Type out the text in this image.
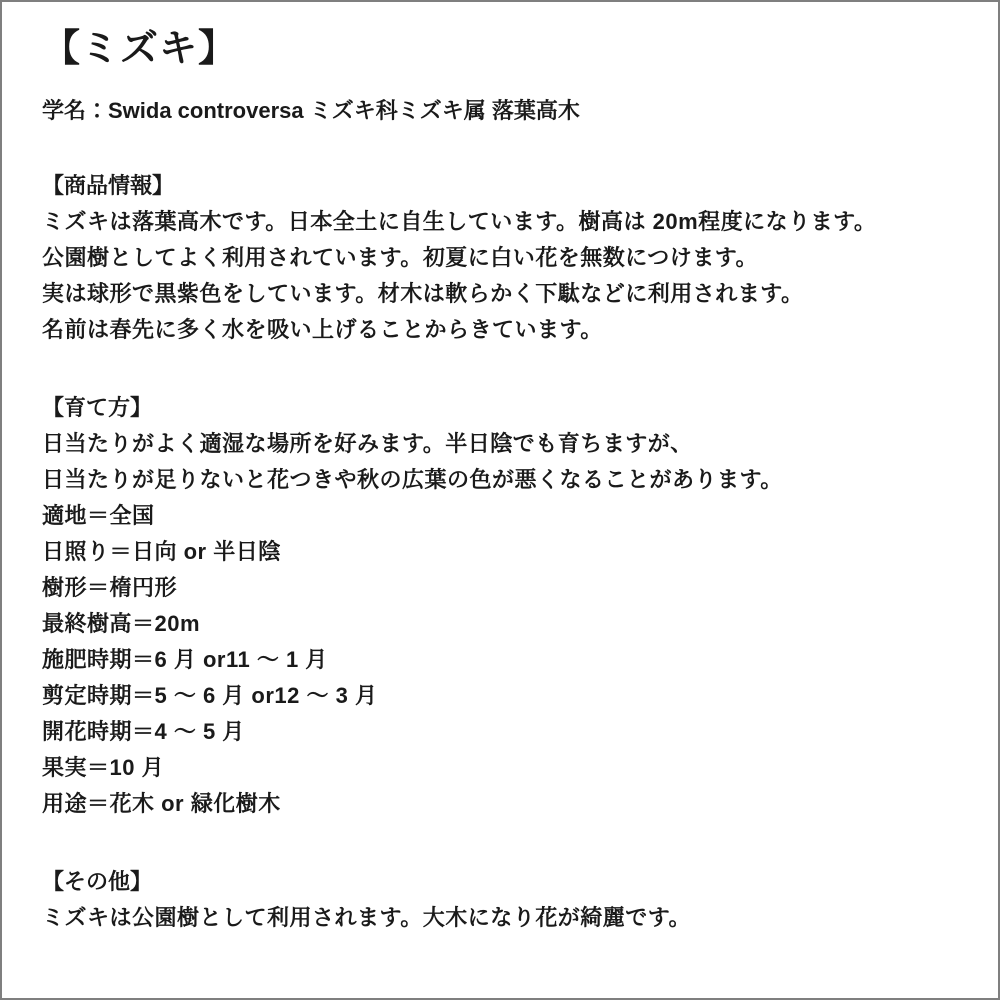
【ミズキ】
学名：Swida controversa ミズキ科ミズキ属 落葉高木
【商品情報】
ミズキは落葉高木です。日本全土に自生しています。樹高は 20m程度になります。
公園樹としてよく利用されています。初夏に白い花を無数につけます。
実は球形で黒紫色をしています。材木は軟らかく下駄などに利用されます。
名前は春先に多く水を吸い上げることからきています。
【育て方】
日当たりがよく適湿な場所を好みます。半日陰でも育ちますが、
日当たりが足りないと花つきや秋の広葉の色が悪くなることがあります。
適地＝全国
日照り＝日向 or 半日陰
樹形＝楕円形
最終樹高＝20m
施肥時期＝6 月 or11 ～ 1 月
剪定時期＝5 ～ 6 月 or12 ～ 3 月
開花時期＝4 ～ 5 月
果実＝10 月
用途＝花木 or 緑化樹木
【その他】
ミズキは公園樹として利用されます。大木になり花が綺麗です。
